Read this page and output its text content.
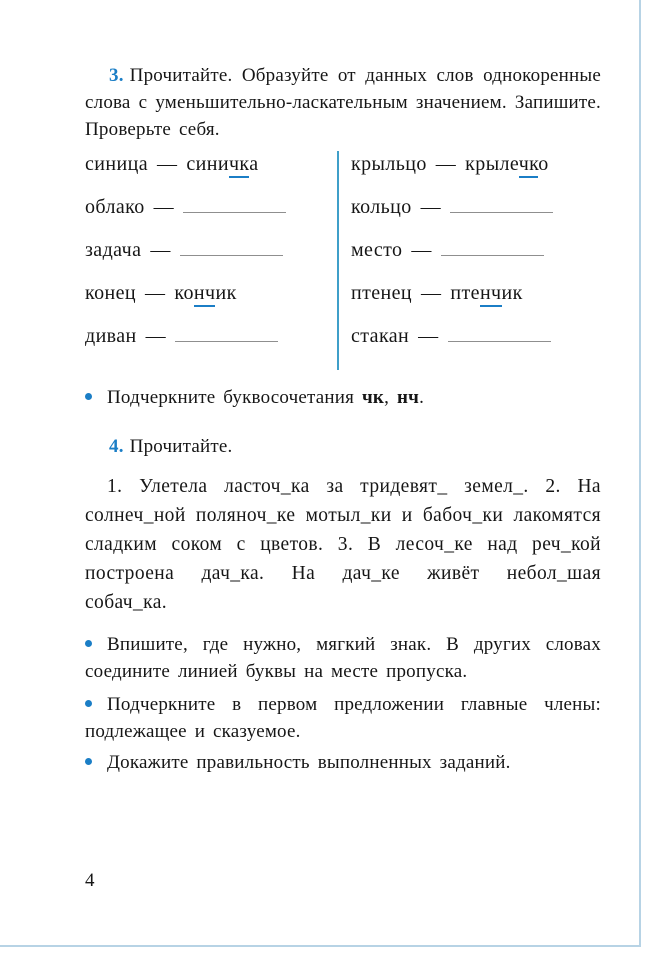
3. Прочитайте. Образуйте от данных слов однокоренные слова с уменьшительно-ласкательным значением. Запишите. Проверьте себя.

синица — синичка
облако —
задача —
конец — кончик
диван —
крыльцо — крылечко
кольцо —
место —
птенец — птенчик
стакан —

Подчеркните буквосочетания чк, нч.

4. Прочитайте.

1. Улетела ласточ_ка за тридевят_ земел_. 2. На солнеч_ной поляноч_ке мотыл_ки и бабоч_ки лакомятся сладким соком с цветов. 3. В лесоч_ке над реч_кой построена дач_ка. На дач_ке живёт небол_шая собач_ка.

Впишите, где нужно, мягкий знак. В других словах соедините линией буквы на месте пропуска.

Подчеркните в первом предложении главные члены: подлежащее и сказуемое.

Докажите правильность выполненных заданий.

4
